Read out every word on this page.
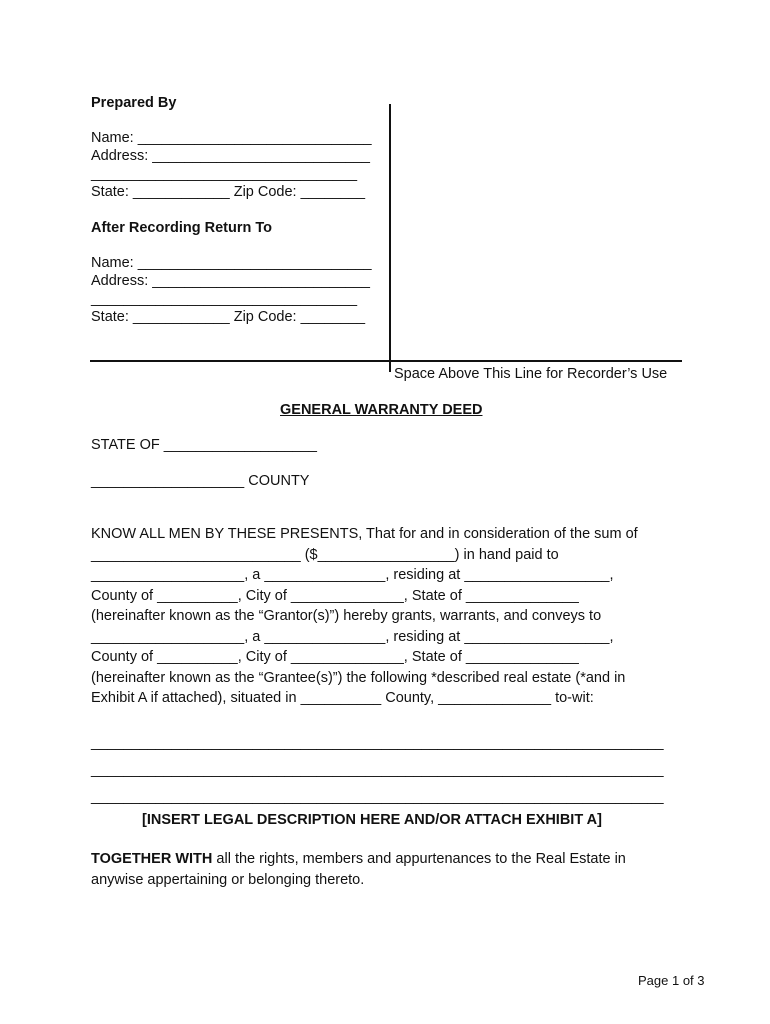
Prepared By
Name: _____________________________
Address: ___________________________
_________________________________
State: ____________ Zip Code: ________
After Recording Return To
Name: _____________________________
Address: ___________________________
_________________________________
State: ____________ Zip Code: ________
Space Above This Line for Recorder’s Use
GENERAL WARRANTY DEED
STATE OF ___________________
___________________ COUNTY
KNOW ALL MEN BY THESE PRESENTS, That for and in consideration of the sum of
__________________________ ($_________________) in hand paid to
___________________, a _______________, residing at __________________,
County of __________, City of ______________, State of ______________
(hereinafter known as the “Grantor(s)”) hereby grants, warrants, and conveys to
___________________, a _______________, residing at __________________,
County of __________, City of ______________, State of ______________
(hereinafter known as the “Grantee(s)”) the following *described real estate (*and in
Exhibit A if attached), situated in __________ County, ______________ to-wit:
_______________________________________________________________________
_______________________________________________________________________
_______________________________________________________________________
[INSERT LEGAL DESCRIPTION HERE AND/OR ATTACH EXHIBIT A]
TOGETHER WITH all the rights, members and appurtenances to the Real Estate in
anywise appertaining or belonging thereto.
Page 1 of 3
